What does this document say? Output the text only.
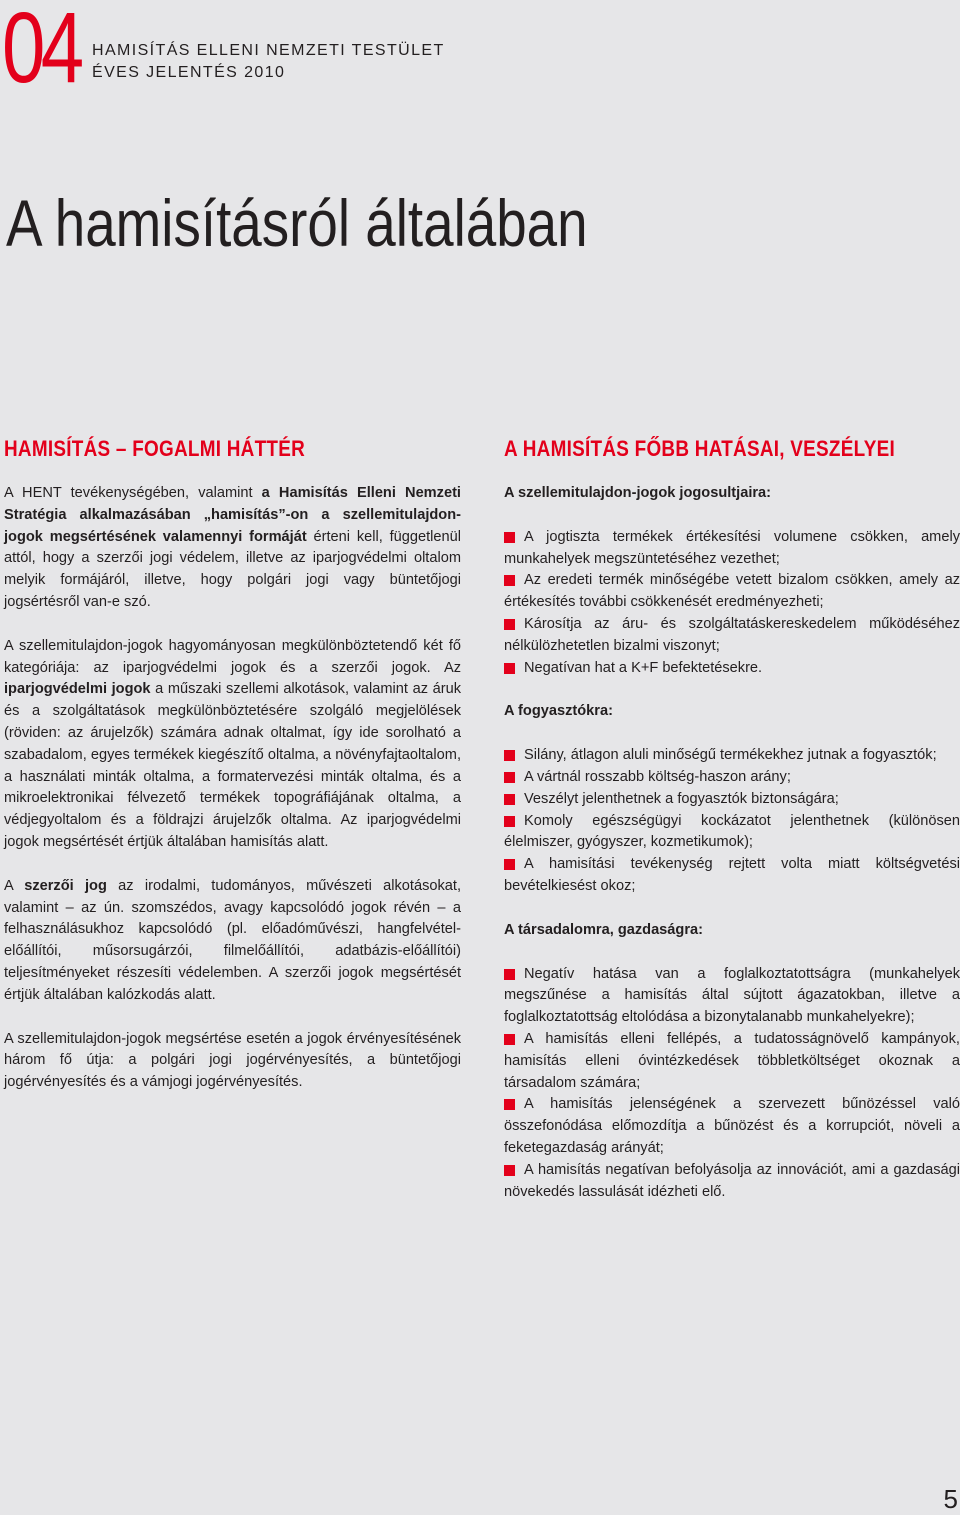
04 HAMISÍTÁS ELLENI NEMZETI TESTÜLET
ÉVES JELENTÉS 2010
A hamisításról általában
HAMISÍTÁS – FOGALMI HÁTTÉR

A HENT tevékenységében, valamint a Hamisítás Elleni Nemzeti Stratégia alkalmazásában „hamisítás”-on a szellemitulajdon-jogok megsértésének valamennyi formáját érteni kell, függetlenül attól, hogy a szerzői jogi védelem, illetve az iparjogvédelmi oltalom melyik formájáról, illetve, hogy polgári jogi vagy büntetőjogi jogsértésről van-e szó.

A szellemitulajdon-jogok hagyományosan megkülönböztetendő két fő kategóriája: az iparjogvédelmi jogok és a szerzői jogok. Az iparjogvédelmi jogok a műszaki szellemi alkotások, valamint az áruk és a szolgáltatások megkülönböztetésére szolgáló megjelölések (röviden: az árujelzők) számára adnak oltalmat, így ide sorolható a szabadalom, egyes termékek kiegészítő oltalma, a növényfajtaoltalom, a használati minták oltalma, a formatervezési minták oltalma, és a mikroelektronikai félvezető termékek topográfiájának oltalma, a védjegyoltalom és a földrajzi árujelzők oltalma. Az iparjogvédelmi jogok megsértését értjük általában hamisítás alatt.

A szerzői jog az irodalmi, tudományos, művészeti alkotásokat, valamint – az ún. szomszédos, avagy kapcsolódó jogok révén – a felhasználásukhoz kapcsolódó (pl. előadóművészi, hangfelvétel-előállítói, műsorsugárzói, filmelőállítói, adatbázis-előállítói) teljesítményeket részesíti védelemben. A szerzői jogok megsértését értjük általában kalózkodás alatt.

A szellemitulajdon-jogok megsértése esetén a jogok érvényesítésének három fő útja: a polgári jogi jogérvényesítés, a büntetőjogi jogérvényesítés és a vámjogi jogérvényesítés.

A HAMISÍTÁS FŐBB HATÁSAI, VESZÉLYEI
A szellemitulajdon-jogok jogosultjaira:
A jogtiszta termékek értékesítési volumene csökken, amely munkahelyek megszüntetéséhez vezethet;
Az eredeti termék minőségébe vetett bizalom csökken, amely az értékesítés további csökkenését eredményezheti;
Károsítja az áru- és szolgáltatáskereskedelem működéséhez nélkülözhetetlen bizalmi viszonyt;
Negatívan hat a K+F befektetésekre.
A fogyasztókra:
Silány, átlagon aluli minőségű termékekhez jutnak a fogyasztók;
A vártnál rosszabb költség-haszon arány;
Veszélyt jelenthetnek a fogyasztók biztonságára;
Komoly egészségügyi kockázatot jelenthetnek (különösen élelmiszer, gyógyszer, kozmetikumok);
A hamisítási tevékenység rejtett volta miatt költségvetési bevételkiesést okoz;
A társadalomra, gazdaságra:
Negatív hatása van a foglalkoztatottságra (munkahelyek megszűnése a hamisítás által sújtott ágazatokban, illetve a foglalkoztatottság eltolódása a bizonytalanabb munkahelyekre);
A hamisítás elleni fellépés, a tudatosságnövelő kampányok, hamisítás elleni óvintézkedések többletköltséget okoznak a társadalom számára;
A hamisítás jelenségének a szervezett bűnözéssel való összefonódása előmozdítja a bűnözést és a korrupciót, növeli a feketegazdaság arányát;
A hamisítás negatívan befolyásolja az innovációt, ami a gazdasági növekedés lassulását idézheti elő.
5
